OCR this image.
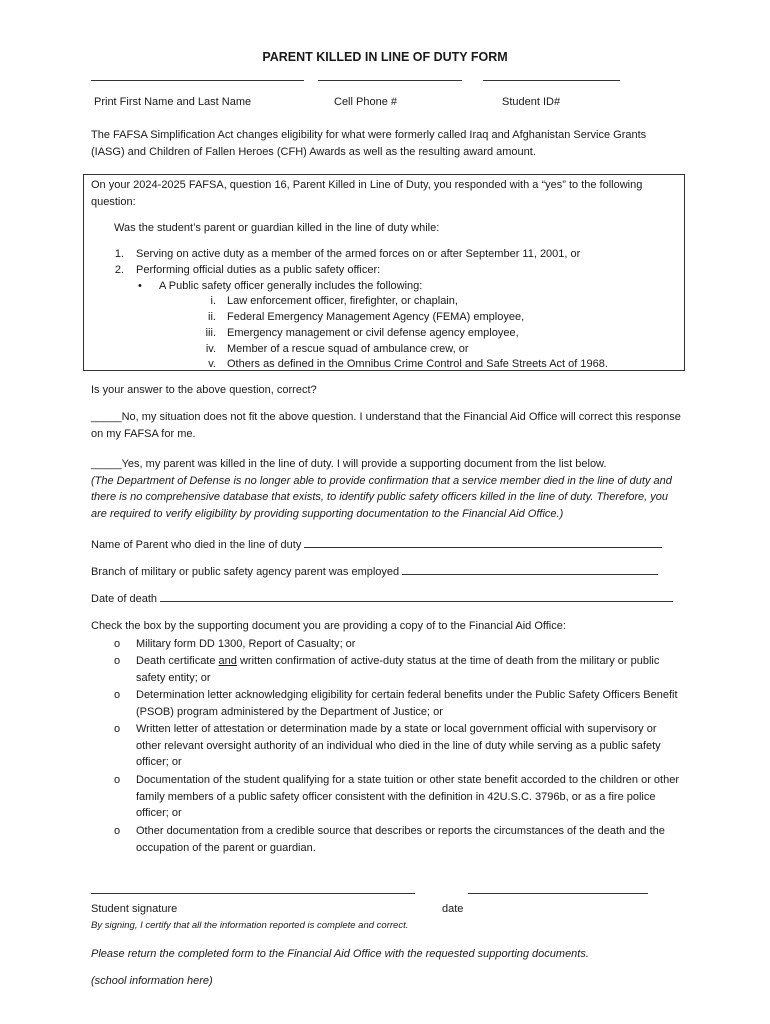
PARENT KILLED IN LINE OF DUTY FORM
Print First Name and Last Name	Cell Phone #	Student ID#
The FAFSA Simplification Act changes eligibility for what were formerly called Iraq and Afghanistan Service Grants (IASG) and Children of Fallen Heroes (CFH) Awards as well as the resulting award amount.
On your 2024-2025 FAFSA, question 16, Parent Killed in Line of Duty, you responded with a “yes” to the following question:
Was the student’s parent or guardian killed in the line of duty while:
1. Serving on active duty as a member of the armed forces on or after September 11, 2001, or
2. Performing official duties as a public safety officer:
• A Public safety officer generally includes the following:
i. Law enforcement officer, firefighter, or chaplain,
ii. Federal Emergency Management Agency (FEMA) employee,
iii. Emergency management or civil defense agency employee,
iv. Member of a rescue squad of ambulance crew, or
v. Others as defined in the Omnibus Crime Control and Safe Streets Act of 1968.
Is your answer to the above question, correct?
_____No, my situation does not fit the above question. I understand that the Financial Aid Office will correct this response on my FAFSA for me.
_____Yes, my parent was killed in the line of duty. I will provide a supporting document from the list below.
(The Department of Defense is no longer able to provide confirmation that a service member died in the line of duty and there is no comprehensive database that exists, to identify public safety officers killed in the line of duty. Therefore, you are required to verify eligibility by providing supporting documentation to the Financial Aid Office.)
Name of Parent who died in the line of duty
Branch of military or public safety agency parent was employed
Date of death
Check the box by the supporting document you are providing a copy of to the Financial Aid Office:
o Military form DD 1300, Report of Casualty; or
o Death certificate and written confirmation of active-duty status at the time of death from the military or public safety entity; or
o Determination letter acknowledging eligibility for certain federal benefits under the Public Safety Officers Benefit (PSOB) program administered by the Department of Justice; or
o Written letter of attestation or determination made by a state or local government official with supervisory or other relevant oversight authority of an individual who died in the line of duty while serving as a public safety officer; or
o Documentation of the student qualifying for a state tuition or other state benefit accorded to the children or other family members of a public safety officer consistent with the definition in 42U.S.C. 3796b, or as a fire police officer; or
o Other documentation from a credible source that describes or reports the circumstances of the death and the occupation of the parent or guardian.
Student signature	date
By signing, I certify that all the information reported is complete and correct.
Please return the completed form to the Financial Aid Office with the requested supporting documents.
(school information here)
